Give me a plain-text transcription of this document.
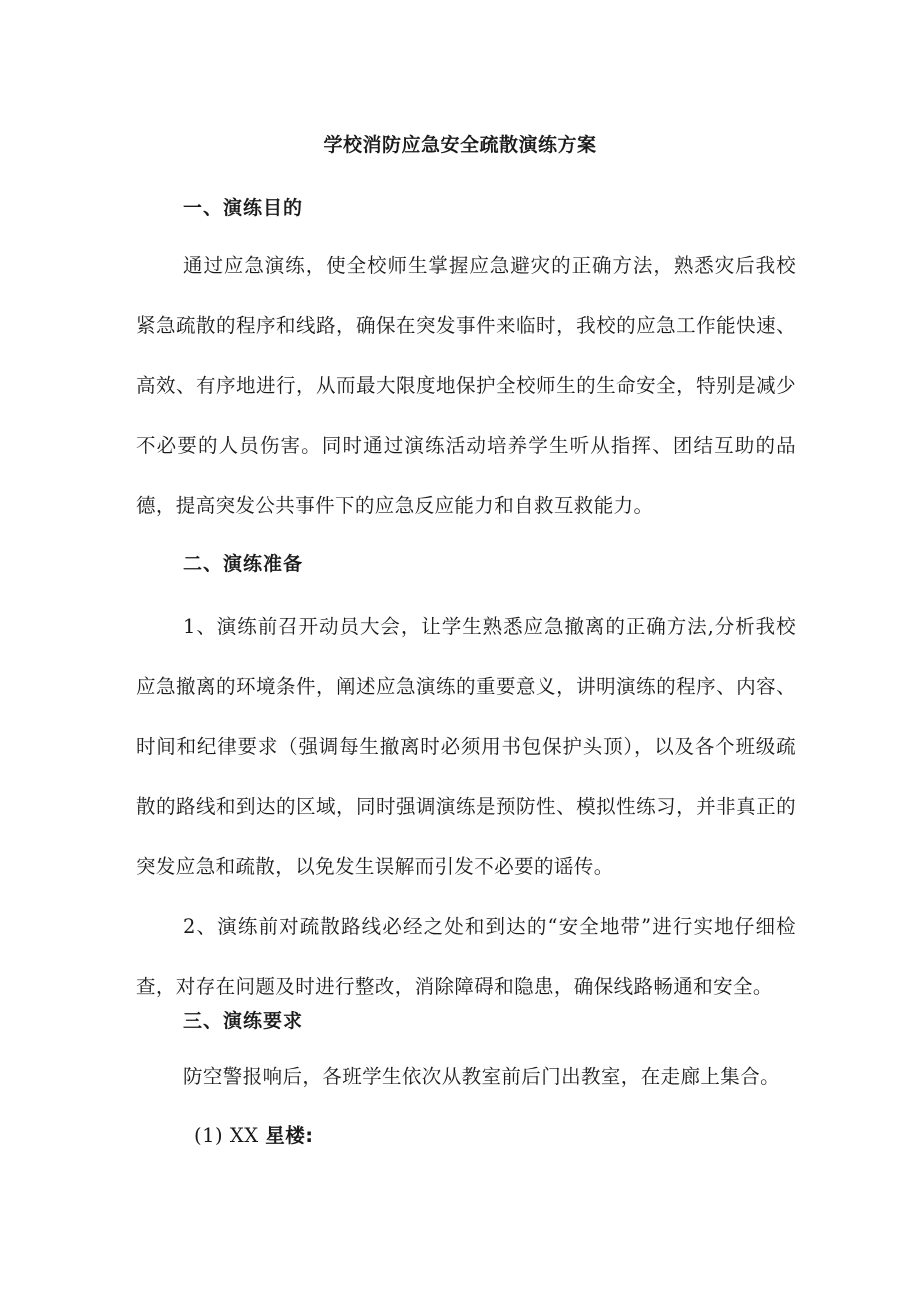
学校消防应急安全疏散演练方案
一、演练目的
通过应急演练，使全校师生掌握应急避灾的正确方法，熟悉灾后我校紧急疏散的程序和线路，确保在突发事件来临时，我校的应急工作能快速、高效、有序地进行，从而最大限度地保护全校师生的生命安全，特别是减少不必要的人员伤害。同时通过演练活动培养学生听从指挥、团结互助的品德，提高突发公共事件下的应急反应能力和自救互救能力。
二、演练准备
1、演练前召开动员大会，让学生熟悉应急撤离的正确方法,分析我校应急撤离的环境条件，阐述应急演练的重要意义，讲明演练的程序、内容、时间和纪律要求（强调每生撤离时必须用书包保护头顶），以及各个班级疏散的路线和到达的区域，同时强调演练是预防性、模拟性练习，并非真正的突发应急和疏散，以免发生误解而引发不必要的谣传。
2、演练前对疏散路线必经之处和到达的“安全地带”进行实地仔细检查，对存在问题及时进行整改，消除障碍和隐患，确保线路畅通和安全。
三、演练要求
防空警报响后，各班学生依次从教室前后门出教室，在走廊上集合。
(1) XX 星楼:
